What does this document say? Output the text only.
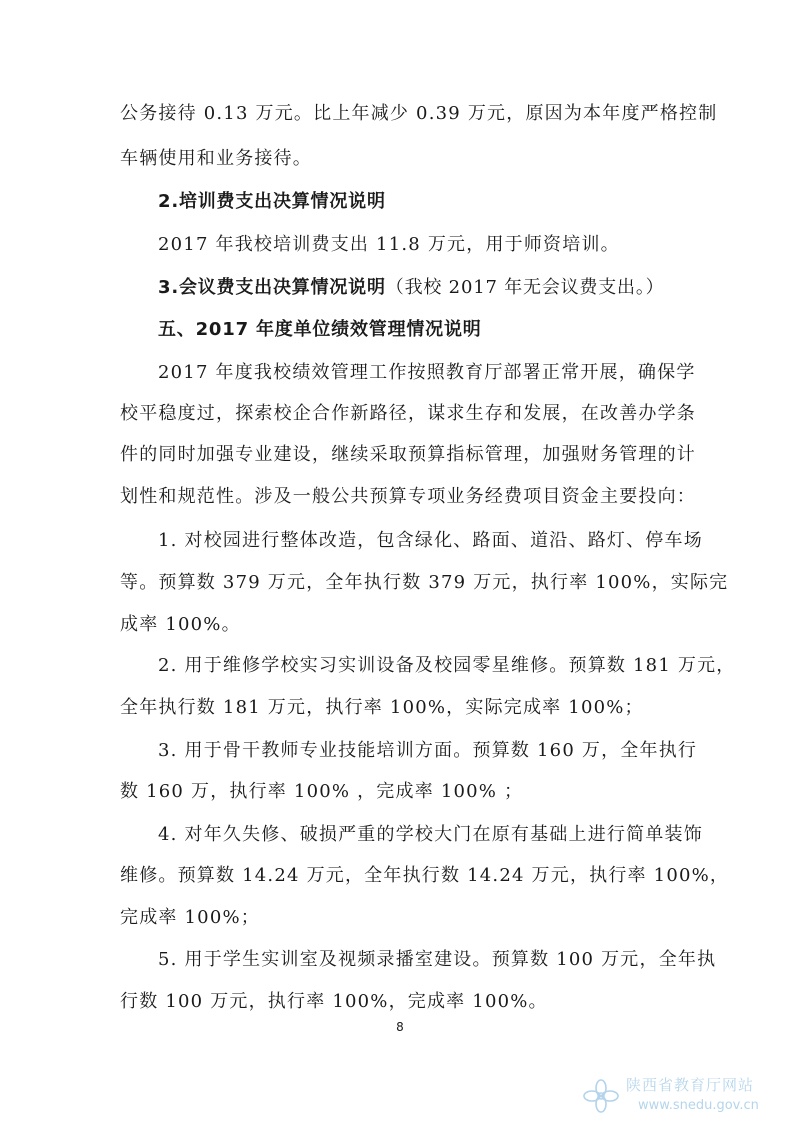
公务接待 0.13 万元。比上年减少 0.39 万元，原因为本年度严格控制
车辆使用和业务接待。
2.培训费支出决算情况说明
2017 年我校培训费支出 11.8 万元，用于师资培训。
3.会议费支出决算情况说明（我校 2017 年无会议费支出。）
五、2017 年度单位绩效管理情况说明
2017 年度我校绩效管理工作按照教育厅部署正常开展，确保学
校平稳度过，探索校企合作新路径，谋求生存和发展，在改善办学条
件的同时加强专业建设，继续采取预算指标管理，加强财务管理的计
划性和规范性。涉及一般公共预算专项业务经费项目资金主要投向：
1. 对校园进行整体改造，包含绿化、路面、道沿、路灯、停车场
等。预算数 379 万元，全年执行数 379 万元，执行率 100%，实际完
成率 100%。
2. 用于维修学校实习实训设备及校园零星维修。预算数 181 万元，
全年执行数 181 万元，执行率 100%，实际完成率 100%；
3. 用于骨干教师专业技能培训方面。预算数 160 万，全年执行
数 160 万，执行率 100% ，完成率 100% ；
4. 对年久失修、破损严重的学校大门在原有基础上进行简单装饰
维修。预算数 14.24 万元，全年执行数 14.24 万元，执行率 100%，
完成率 100%；
5. 用于学生实训室及视频录播室建设。预算数 100 万元，全年执
行数 100 万元，执行率 100%，完成率 100%。
8
陕西省教育厅网站
www.snedu.gov.cn
